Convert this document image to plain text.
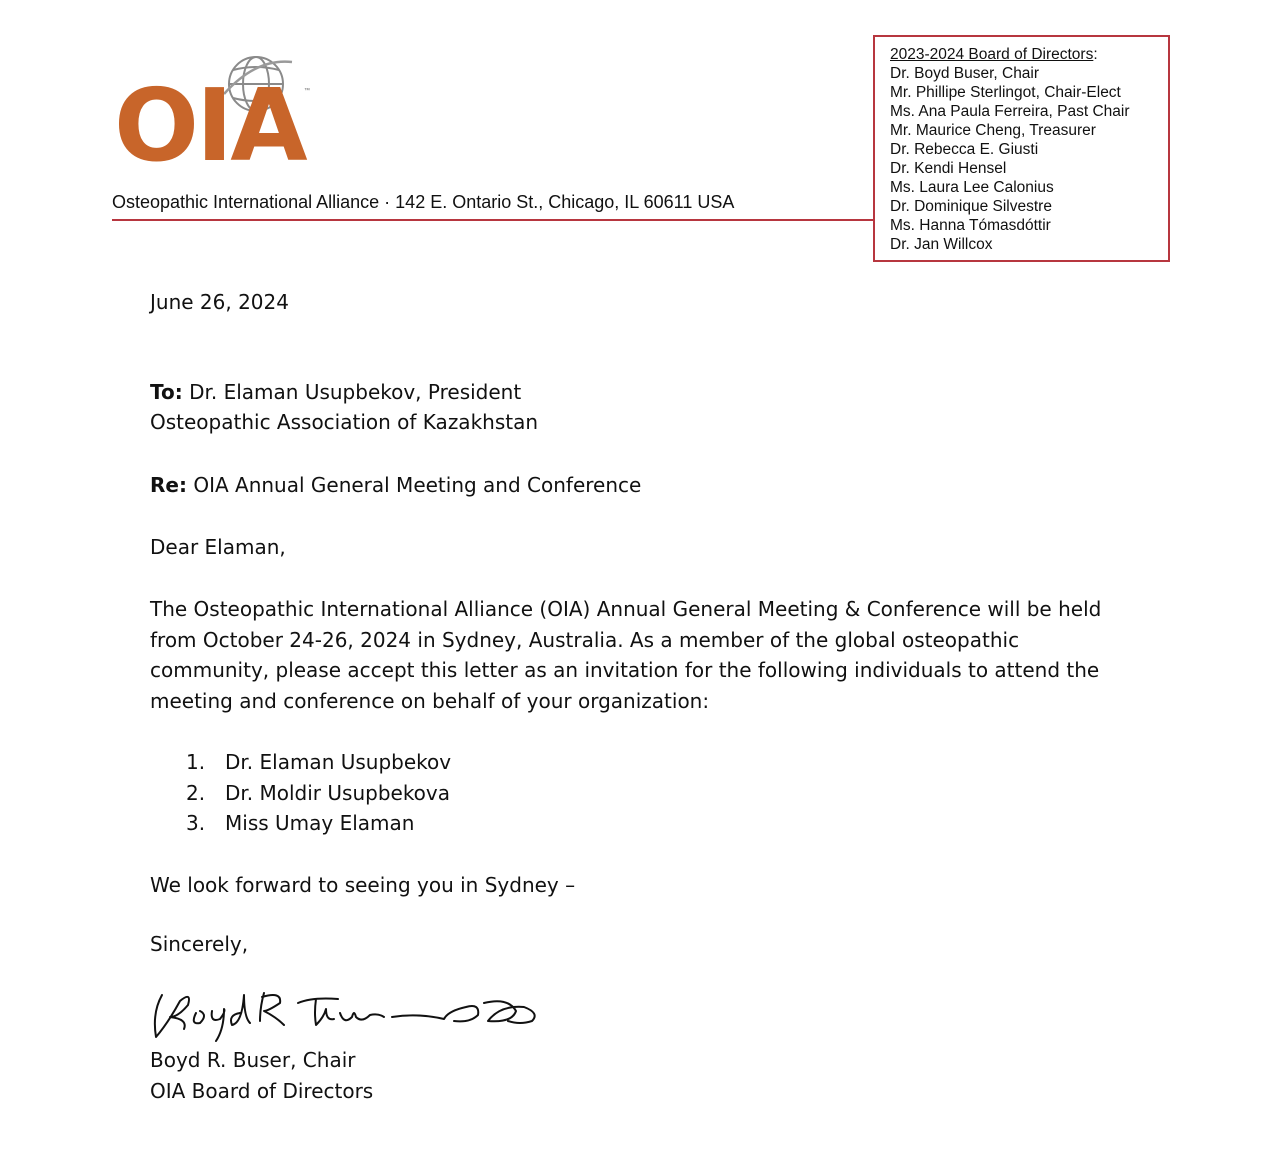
OIA ™
Osteopathic International Alliance · 142 E. Ontario St., Chicago, IL 60611 USA
2023-2024 Board of Directors:
Dr. Boyd Buser, Chair
Mr. Phillipe Sterlingot, Chair-Elect
Ms. Ana Paula Ferreira, Past Chair
Mr. Maurice Cheng, Treasurer
Dr. Rebecca E. Giusti
Dr. Kendi Hensel
Ms. Laura Lee Calonius
Dr. Dominique Silvestre
Ms. Hanna Tómasdóttir
Dr. Jan Willcox
June 26, 2024
To: Dr. Elaman Usupbekov, President
Osteopathic Association of Kazakhstan
Re: OIA Annual General Meeting and Conference
Dear Elaman,
The Osteopathic International Alliance (OIA) Annual General Meeting & Conference will be held
from October 24-26, 2024 in Sydney, Australia. As a member of the global osteopathic
community, please accept this letter as an invitation for the following individuals to attend the
meeting and conference on behalf of your organization:
1. Dr. Elaman Usupbekov
2. Dr. Moldir Usupbekova
3. Miss Umay Elaman
We look forward to seeing you in Sydney –
Sincerely,
Boyd R. Buser, Chair
OIA Board of Directors
